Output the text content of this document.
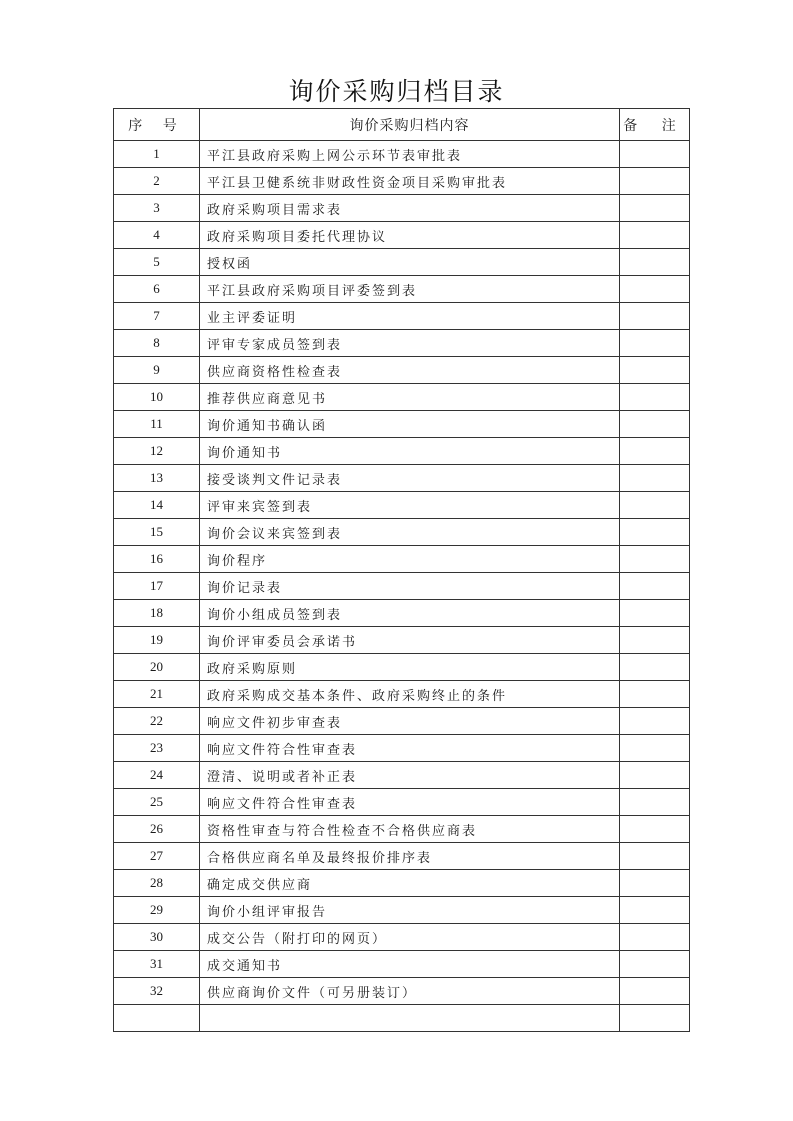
询价采购归档目录
序 号	询价采购归档内容	备 注
1	平江县政府采购上网公示环节表审批表	
2	平江县卫健系统非财政性资金项目采购审批表	
3	政府采购项目需求表	
4	政府采购项目委托代理协议	
5	授权函	
6	平江县政府采购项目评委签到表	
7	业主评委证明	
8	评审专家成员签到表	
9	供应商资格性检查表	
10	推荐供应商意见书	
11	询价通知书确认函	
12	询价通知书	
13	接受谈判文件记录表	
14	评审来宾签到表	
15	询价会议来宾签到表	
16	询价程序	
17	询价记录表	
18	询价小组成员签到表	
19	询价评审委员会承诺书	
20	政府采购原则	
21	政府采购成交基本条件、政府采购终止的条件	
22	响应文件初步审查表	
23	响应文件符合性审查表	
24	澄清、说明或者补正表	
25	响应文件符合性审查表	
26	资格性审查与符合性检查不合格供应商表	
27	合格供应商名单及最终报价排序表	
28	确定成交供应商	
29	询价小组评审报告	
30	成交公告（附打印的网页）	
31	成交通知书	
32	供应商询价文件（可另册装订）	
